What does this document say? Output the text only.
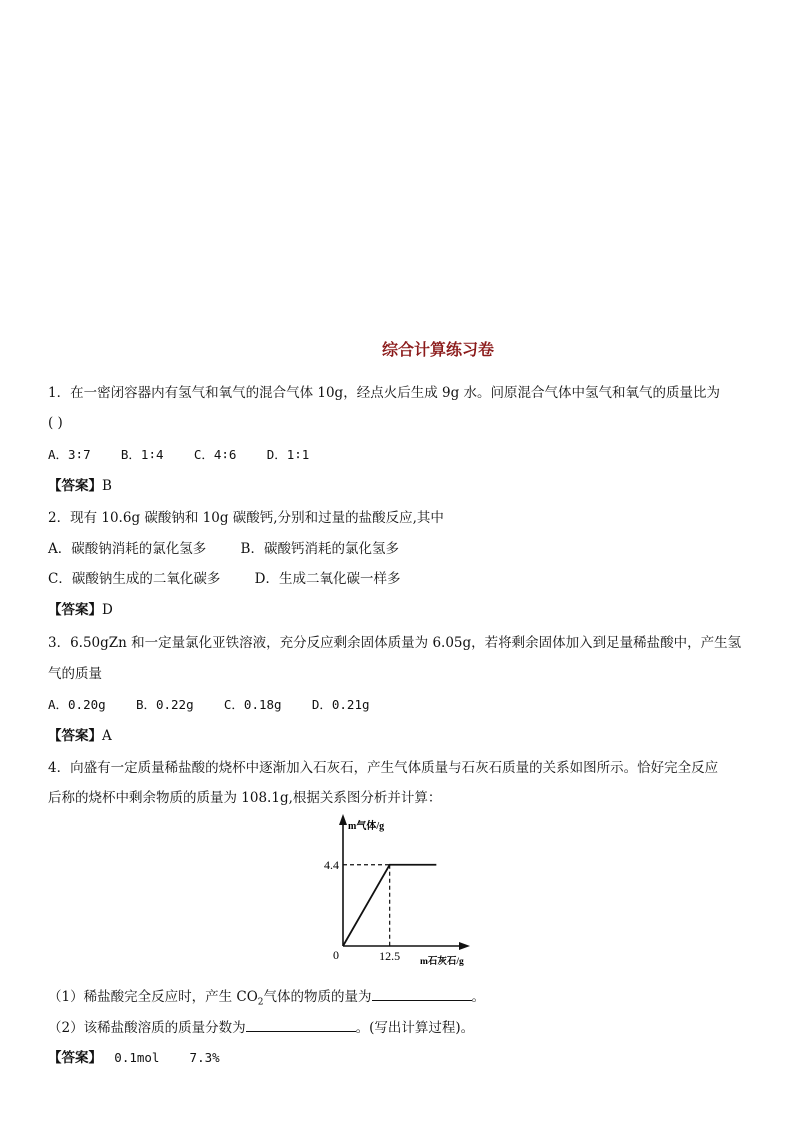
综合计算练习卷
1．在一密闭容器内有氢气和氧气的混合气体 10g，经点火后生成 9g 水。问原混合气体中氢气和氧气的质量比为
( )
A．3∶7 B．1∶4 C．4∶6 D．1∶1
【答案】B
2．现有 10.6g 碳酸钠和 10g 碳酸钙,分别和过量的盐酸反应,其中
A．碳酸钠消耗的氯化氢多	B．碳酸钙消耗的氯化氢多
C．碳酸钠生成的二氧化碳多	D．生成二氧化碳一样多
【答案】D
3．6.50gZn 和一定量氯化亚铁溶液，充分反应剩余固体质量为 6.05g，若将剩余固体加入到足量稀盐酸中，产生氢
气的质量
A．0.20g B．0.22g C．0.18g D．0.21g
【答案】A
4．向盛有一定质量稀盐酸的烧杯中逐渐加入石灰石，产生气体质量与石灰石质量的关系如图所示。恰好完全反应
后称的烧杯中剩余物质的质量为 108.1g,根据关系图分析并计算：
m气体/g
m石灰石/g
0	12.5
4.4
（1）稀盐酸完全反应时，产生 $CO_2$气体的物质的量为	。
（2）该稀盐酸溶质的质量分数为	。(写出计算过程)。
【答案】 0.1mol    7.3%
